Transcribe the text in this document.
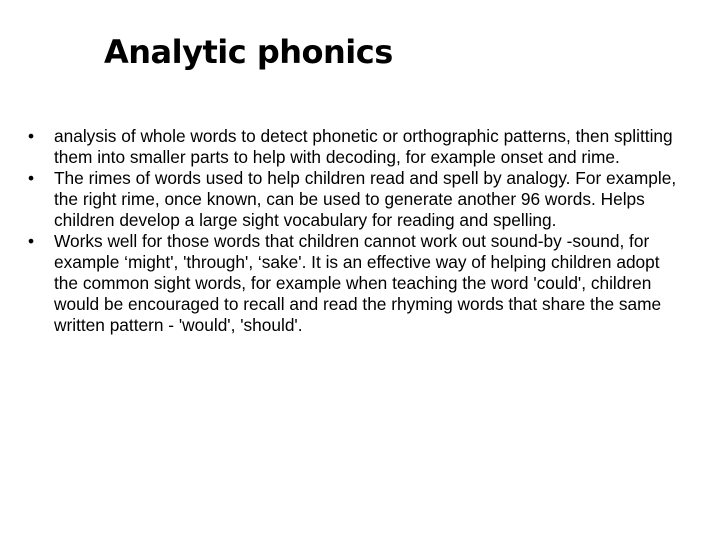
Analytic phonics
•	analysis of whole words to detect phonetic or orthographic patterns, then splitting them into smaller parts to help with decoding, for example onset and rime.
•	The rimes of words used to help children read and spell by analogy. For example, the right rime, once known, can be used to generate another 96 words. Helps children develop a large sight vocabulary for reading and spelling.
•	Works well for those words that children cannot work out sound-by -sound, for example ‘might', 'through', ‘sake'. It is an effective way of helping children adopt the common sight words, for example when teaching the word 'could', children would be encouraged to recall and read the rhyming words that share the same written pattern - 'would', 'should'.
